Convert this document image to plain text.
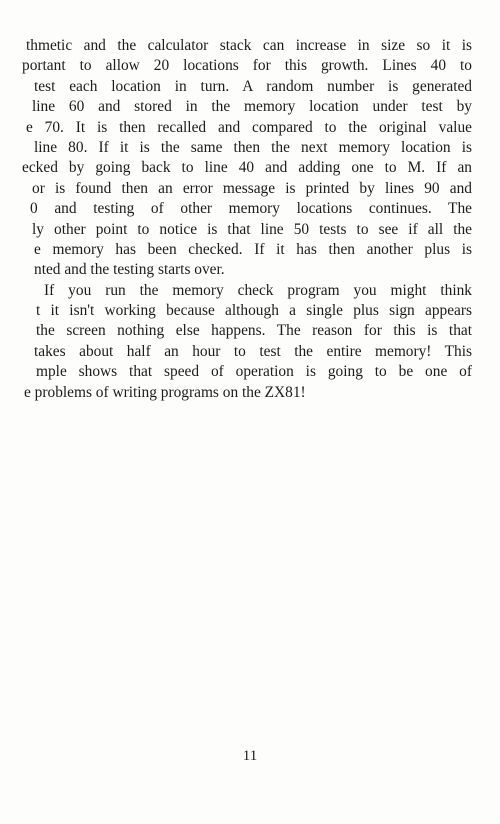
thmetic and the calculator stack can increase in size so it is
portant to allow 20 locations for this growth. Lines 40 to
test each location in turn. A random number is generated
line 60 and stored in the memory location under test by
e 70. It is then recalled and compared to the original value
line 80. If it is the same then the next memory location is
ecked by going back to line 40 and adding one to M. If an
or is found then an error message is printed by lines 90 and
0 and testing of other memory locations continues. The
ly other point to notice is that line 50 tests to see if all the
e memory has been checked. If it has then another plus is
nted and the testing starts over.
If you run the memory check program you might think
t it isn't working because although a single plus sign appears
the screen nothing else happens. The reason for this is that
takes about half an hour to test the entire memory! This
mple shows that speed of operation is going to be one of
e problems of writing programs on the ZX81!
11
